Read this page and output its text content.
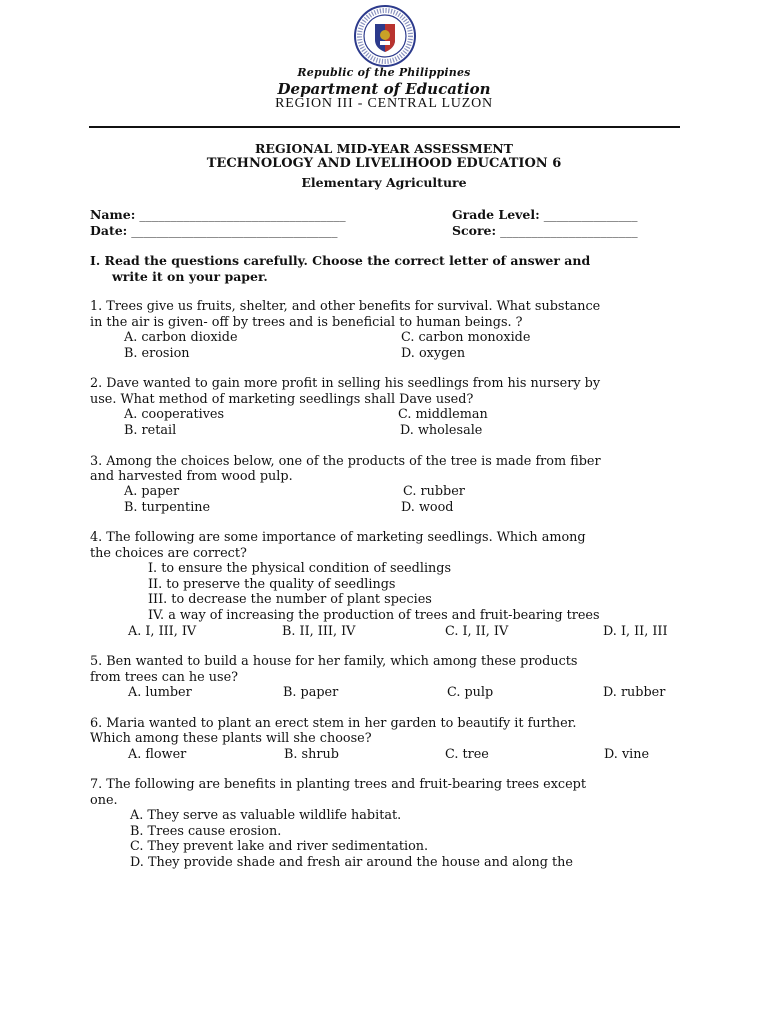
Republic of the Philippines
Department of Education
REGION III - CENTRAL LUZON
REGIONAL MID-YEAR ASSESSMENT
TECHNOLOGY AND LIVELIHOOD EDUCATION 6
Elementary Agriculture
Name: _________________________________	Grade Level: _______________
Date: _________________________________	Score: ______________________
I. Read the questions carefully. Choose the correct letter of answer and
write it on your paper.
1. Trees give us fruits, shelter, and other benefits for survival. What substance
in the air is given- off by trees and is beneficial to human beings. ?
A. carbon dioxide	C. carbon monoxide
B. erosion	D. oxygen
2. Dave wanted to gain more profit in selling his seedlings from his nursery by
use. What method of marketing seedlings shall Dave used?
A. cooperatives	C. middleman
B. retail	D. wholesale
3. Among the choices below, one of the products of the tree is made from fiber
and harvested from wood pulp.
A. paper	C. rubber
B. turpentine	D. wood
4. The following are some importance of marketing seedlings. Which among
the choices are correct?
I. to ensure the physical condition of seedlings
II. to preserve the quality of seedlings
III. to decrease the number of plant species
IV. a way of increasing the production of trees and fruit-bearing trees
A. I, III, IV	B. II, III, IV	C. I, II, IV	D. I, II, III
5. Ben wanted to build a house for her family, which among these products
from trees can he use?
A. lumber	B. paper	C. pulp	D. rubber
6. Maria wanted to plant an erect stem in her garden to beautify it further.
Which among these plants will she choose?
A. flower	B. shrub	C. tree	D. vine
7. The following are benefits in planting trees and fruit-bearing trees except
one.
A. They serve as valuable wildlife habitat.
B. Trees cause erosion.
C. They prevent lake and river sedimentation.
D. They provide shade and fresh air around the house and along the
